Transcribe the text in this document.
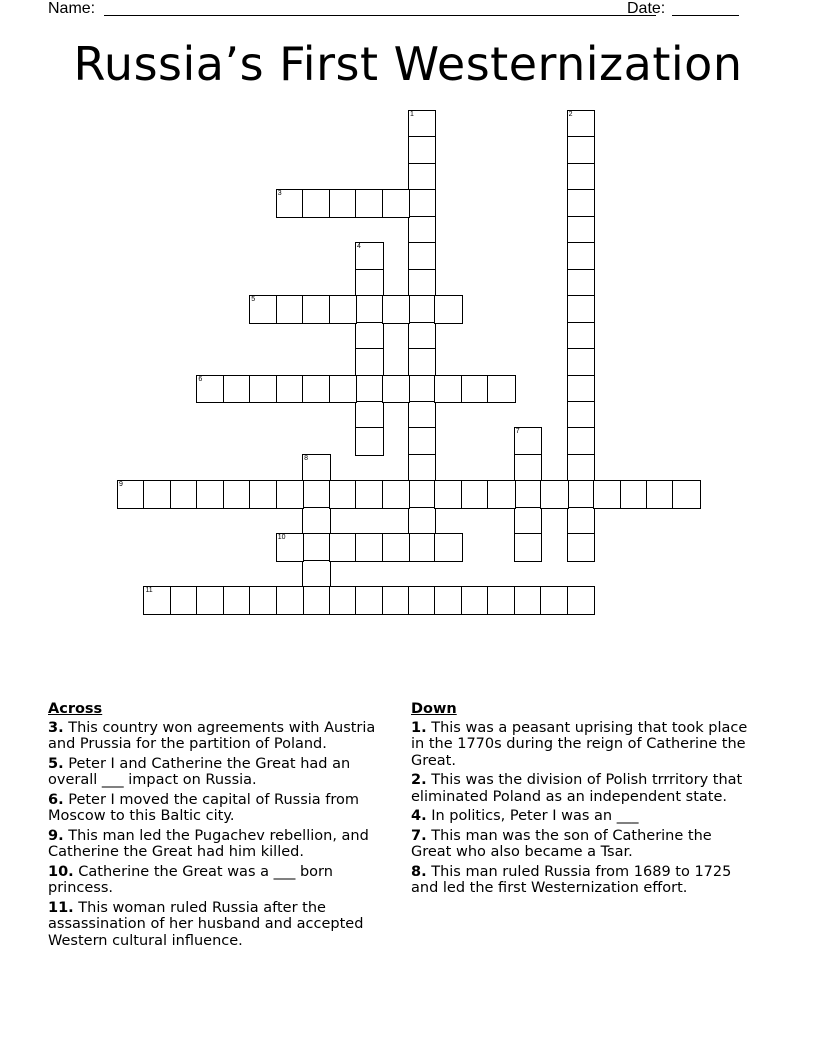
Name:	Date:
Russia’s First Westernization
1	2
3
4
5
6
7
8
9
10
11
Across
3. This country won agreements with Austria and Prussia for the partition of Poland.
5. Peter I and Catherine the Great had an overall ___ impact on Russia.
6. Peter I moved the capital of Russia from Moscow to this Baltic city.
9. This man led the Pugachev rebellion, and Catherine the Great had him killed.
10. Catherine the Great was a ___ born princess.
11. This woman ruled Russia after the assassination of her husband and accepted Western cultural influence.
Down
1. This was a peasant uprising that took place in the 1770s during the reign of Catherine the Great.
2. This was the division of Polish trrritory that eliminated Poland as an independent state.
4. In politics, Peter I was an ___
7. This man was the son of Catherine the Great who also became a Tsar.
8. This man ruled Russia from 1689 to 1725 and led the first Westernization effort.
